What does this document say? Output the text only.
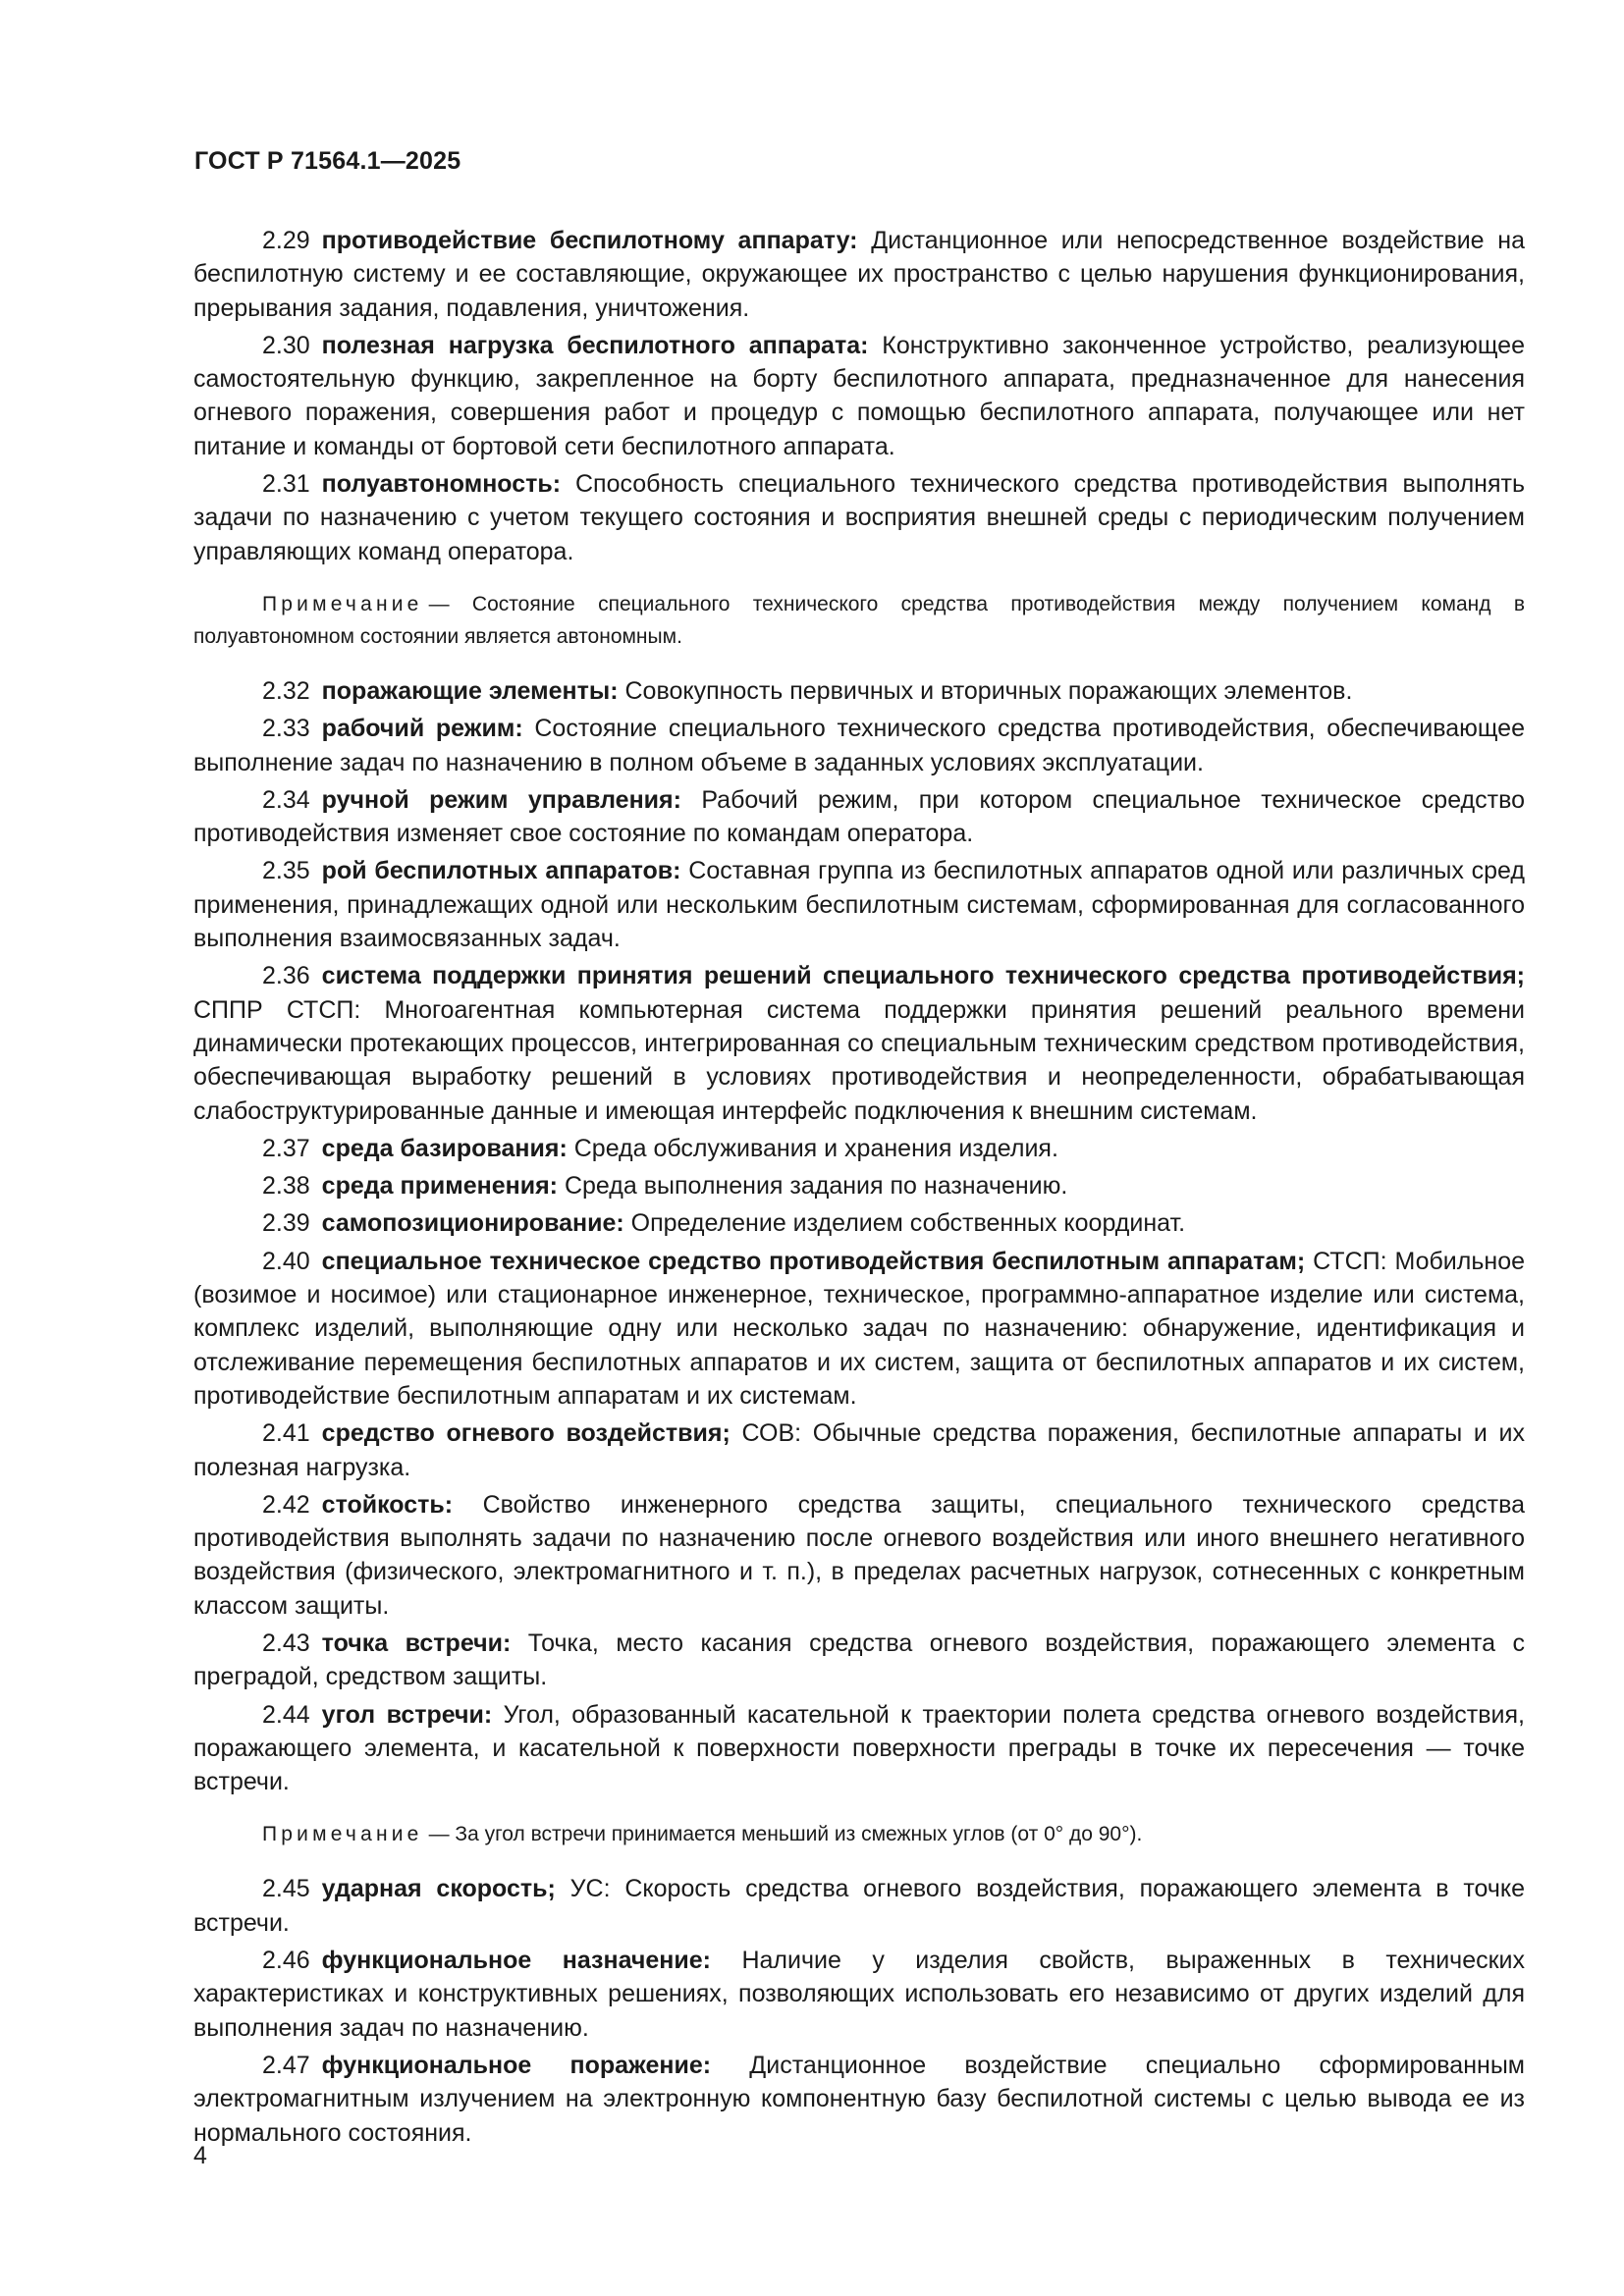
ГОСТ Р 71564.1—2025

2.29 противодействие беспилотному аппарату: Дистанционное или непосредственное воздействие на беспилотную систему и ее составляющие, окружающее их пространство с целью нарушения функционирования, прерывания задания, подавления, уничтожения.

2.30 полезная нагрузка беспилотного аппарата: Конструктивно законченное устройство, реализующее самостоятельную функцию, закрепленное на борту беспилотного аппарата, предназначенное для нанесения огневого поражения, совершения работ и процедур с помощью беспилотного аппарата, получающее или нет питание и команды от бортовой сети беспилотного аппарата.

2.31 полуавтономность: Способность специального технического средства противодействия выполнять задачи по назначению с учетом текущего состояния и восприятия внешней среды с периодическим получением управляющих команд оператора.

Примечание — Состояние специального технического средства противодействия между получением команд в полуавтономном состоянии является автономным.

2.32 поражающие элементы: Совокупность первичных и вторичных поражающих элементов.

2.33 рабочий режим: Состояние специального технического средства противодействия, обеспечивающее выполнение задач по назначению в полном объеме в заданных условиях эксплуатации.

2.34 ручной режим управления: Рабочий режим, при котором специальное техническое средство противодействия изменяет свое состояние по командам оператора.

2.35 рой беспилотных аппаратов: Составная группа из беспилотных аппаратов одной или различных сред применения, принадлежащих одной или нескольким беспилотным системам, сформированная для согласованного выполнения взаимосвязанных задач.

2.36 система поддержки принятия решений специального технического средства противодействия; СППР СТСП: Многоагентная компьютерная система поддержки принятия решений реального времени динамически протекающих процессов, интегрированная со специальным техническим средством противодействия, обеспечивающая выработку решений в условиях противодействия и неопределенности, обрабатывающая слабоструктурированные данные и имеющая интерфейс подключения к внешним системам.

2.37 среда базирования: Среда обслуживания и хранения изделия.

2.38 среда применения: Среда выполнения задания по назначению.

2.39 самопозиционирование: Определение изделием собственных координат.

2.40 специальное техническое средство противодействия беспилотным аппаратам; СТСП: Мобильное (возимое и носимое) или стационарное инженерное, техническое, программно-аппаратное изделие или система, комплекс изделий, выполняющие одну или несколько задач по назначению: обнаружение, идентификация и отслеживание перемещения беспилотных аппаратов и их систем, защита от беспилотных аппаратов и их систем, противодействие беспилотным аппаратам и их системам.

2.41 средство огневого воздействия; СОВ: Обычные средства поражения, беспилотные аппараты и их полезная нагрузка.

2.42 стойкость: Свойство инженерного средства защиты, специального технического средства противодействия выполнять задачи по назначению после огневого воздействия или иного внешнего негативного воздействия (физического, электромагнитного и т. п.), в пределах расчетных нагрузок, сотнесенных с конкретным классом защиты.

2.43 точка встречи: Точка, место касания средства огневого воздействия, поражающего элемента с преградой, средством защиты.

2.44 угол встречи: Угол, образованный касательной к траектории полета средства огневого воздействия, поражающего элемента, и касательной к поверхности поверхности преграды в точке их пересечения — точке встречи.

Примечание — За угол встречи принимается меньший из смежных углов (от 0° до 90°).

2.45 ударная скорость; УС: Скорость средства огневого воздействия, поражающего элемента в точке встречи.

2.46 функциональное назначение: Наличие у изделия свойств, выраженных в технических характеристиках и конструктивных решениях, позволяющих использовать его независимо от других изделий для выполнения задач по назначению.

2.47 функциональное поражение: Дистанционное воздействие специально сформированным электромагнитным излучением на электронную компонентную базу беспилотной системы с целью вывода ее из нормального состояния.

4
